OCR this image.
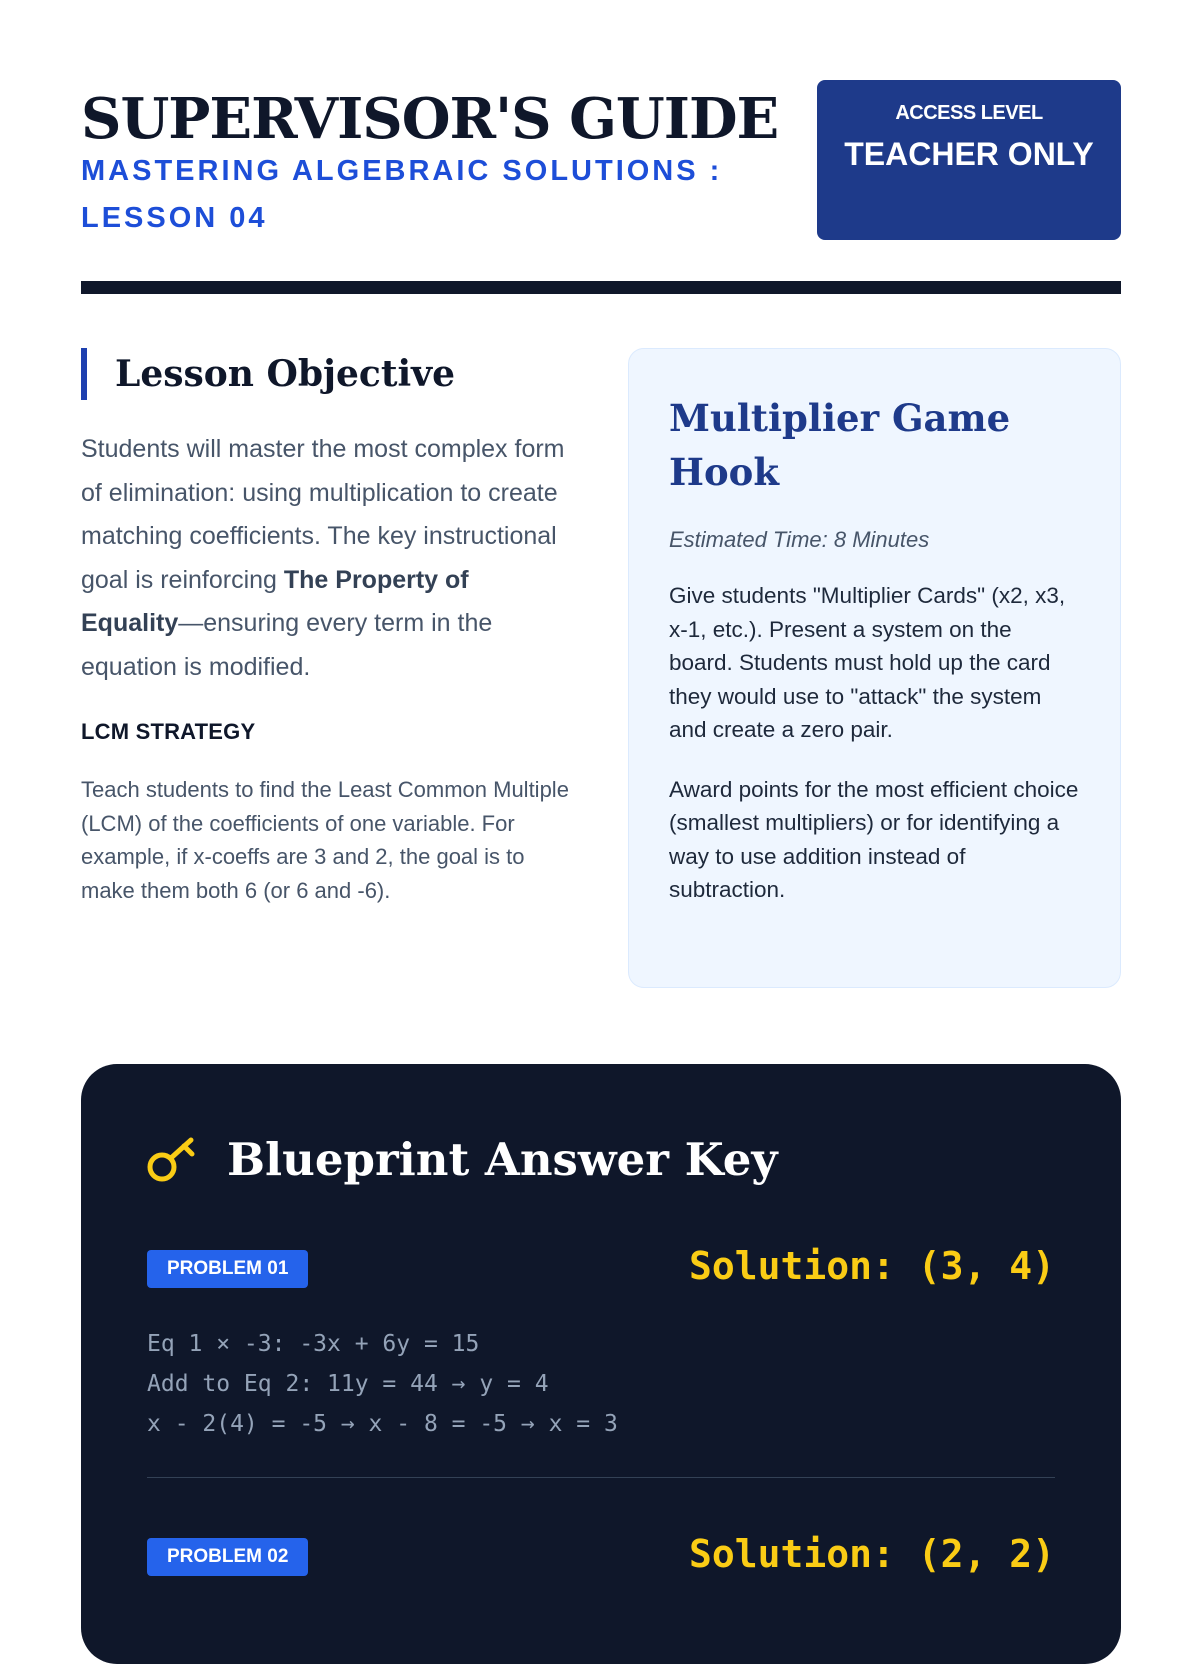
SUPERVISOR'S GUIDE

MASTERING ALGEBRAIC SOLUTIONS : LESSON 04

ACCESS LEVEL
TEACHER ONLY
Lesson Objective

Students will master the most complex form of elimination: using multiplication to create matching coefficients. The key instructional goal is reinforcing The Property of Equality—ensuring every term in the equation is modified.

LCM STRATEGY

Teach students to find the Least Common Multiple (LCM) of the coefficients of one variable. For example, if x-coeffs are 3 and 2, the goal is to make them both 6 (or 6 and -6).

Multiplier Game Hook
Estimated Time: 8 Minutes

Give students "Multiplier Cards" (x2, x3, x-1, etc.). Present a system on the board. Students must hold up the card they would use to "attack" the system and create a zero pair.

Award points for the most efficient choice (smallest multipliers) or for identifying a way to use addition instead of subtraction.

Blueprint Answer Key
PROBLEM 01	Solution: (3, 4)
Eq 1 × -3: -3x + 6y = 15
Add to Eq 2: 11y = 44 → y = 4
x - 2(4) = -5 → x - 8 = -5 → x = 3
PROBLEM 02	Solution: (2, 2)
